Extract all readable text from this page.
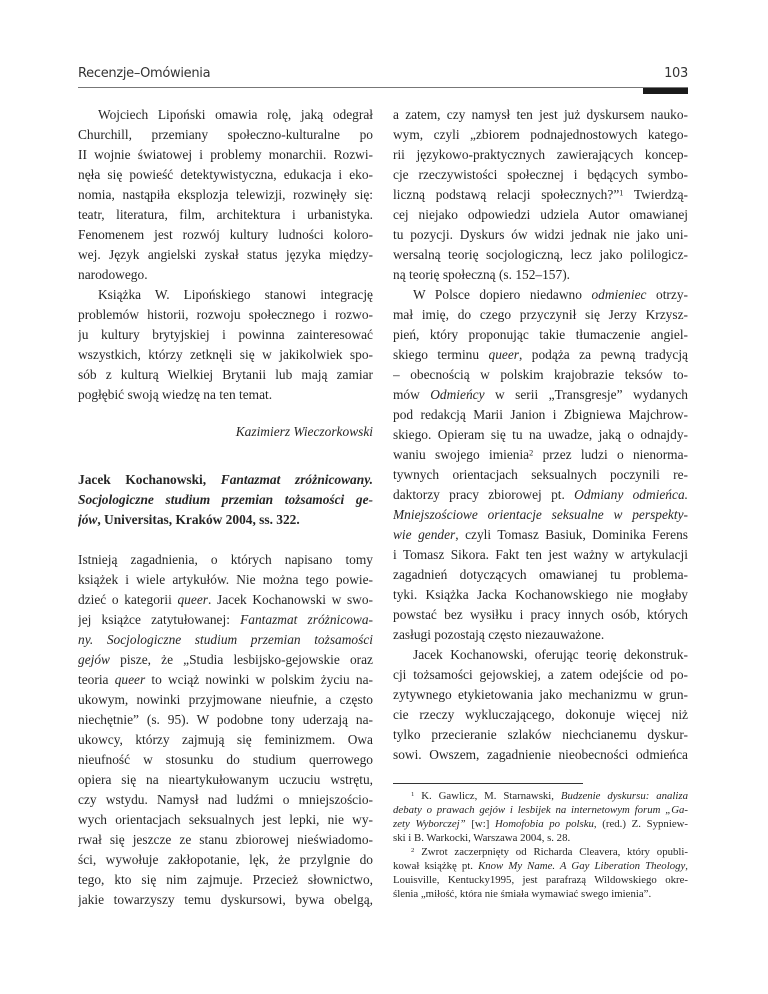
Recenzje–Omówienia	103
Wojciech Lipoński omawia rolę, jaką odegrał
Churchill, przemiany społeczno-kulturalne po
II wojnie światowej i problemy monarchii. Rozwi-
nęła się powieść detektywistyczna, edukacja i eko-
nomia, nastąpiła eksplozja telewizji, rozwinęły się:
teatr, literatura, film, architektura i urbanistyka.
Fenomenem jest rozwój kultury ludności koloro-
wej. Język angielski zyskał status języka między-
narodowego.
Książka W. Lipońskiego stanowi integrację
problemów historii, rozwoju społecznego i rozwo-
ju kultury brytyjskiej i powinna zainteresować
wszystkich, którzy zetknęli się w jakikolwiek spo-
sób z kulturą Wielkiej Brytanii lub mają zamiar
pogłębić swoją wiedzę na ten temat.
Kazimierz Wieczorkowski
Jacek Kochanowski, Fantazmat zróżnicowany.
Socjologiczne studium przemian tożsamości ge-
jów, Universitas, Kraków 2004, ss. 322.
Istnieją zagadnienia, o których napisano tomy
książek i wiele artykułów. Nie można tego powie-
dzieć o kategorii queer. Jacek Kochanowski w swo-
jej książce zatytułowanej: Fantazmat zróżnicowa-
ny. Socjologiczne studium przemian tożsamości
gejów pisze, że „Studia lesbijsko-gejowskie oraz
teoria queer to wciąż nowinki w polskim życiu na-
ukowym, nowinki przyjmowane nieufnie, a często
niechętnie” (s. 95). W podobne tony uderzają na-
ukowcy, którzy zajmują się feminizmem. Owa
nieufność w stosunku do studium querrowego
opiera się na nieartykułowanym uczuciu wstrętu,
czy wstydu. Namysł nad ludźmi o mniejszościo-
wych orientacjach seksualnych jest lepki, nie wy-
rwał się jeszcze ze stanu zbiorowej nieświadomo-
ści, wywołuje zakłopotanie, lęk, że przylgnie do
tego, kto się nim zajmuje. Przecież słownictwo,
jakie towarzyszy temu dyskursowi, bywa obelgą,
a zatem, czy namysł ten jest już dyskursem nauko-
wym, czyli „zbiorem podnajednostowych katego-
rii językowo-praktycznych zawierających koncep-
cje rzeczywistości społecznej i będących symbo-
liczną podstawą relacji społecznych?”$^1$ Twierdzą-
cej niejako odpowiedzi udziela Autor omawianej
tu pozycji. Dyskurs ów widzi jednak nie jako uni-
wersalną teorię socjologiczną, lecz jako polilogicz-
ną teorię społeczną (s. 152–157).
W Polsce dopiero niedawno odmieniec otrzy-
mał imię, do czego przyczynił się Jerzy Krzysz-
pień, który proponując takie tłumaczenie angiel-
skiego terminu queer, podąża za pewną tradycją
– obecnością w polskim krajobrazie teksów to-
mów Odmieńcy w serii „Transgresje” wydanych
pod redakcją Marii Janion i Zbigniewa Majchrow-
skiego. Opieram się tu na uwadze, jaką o odnajdy-
waniu swojego imienia$^2$ przez ludzi o nienorma-
tywnych orientacjach seksualnych poczynili re-
daktorzy pracy zbiorowej pt. Odmiany odmieńca.
Mniejszościowe orientacje seksualne w perspekty-
wie gender, czyli Tomasz Basiuk, Dominika Ferens
i Tomasz Sikora. Fakt ten jest ważny w artykulacji
zagadnień dotyczących omawianej tu problema-
tyki. Książka Jacka Kochanowskiego nie mogłaby
powstać bez wysiłku i pracy innych osób, których
zasługi pozostają często niezauważone.
Jacek Kochanowski, oferując teorię dekonstruk-
cji tożsamości gejowskiej, a zatem odejście od po-
zytywnego etykietowania jako mechanizmu w grun-
cie rzeczy wykluczającego, dokonuje więcej niż
tylko przecieranie szlaków niechcianemu dyskur-
sowi. Owszem, zagadnienie nieobecności odmieńca
$^1$ K. Gawlicz, M. Starnawski, Budzenie dyskursu: analiza
debaty o prawach gejów i lesbijek na internetowym forum „Ga-
zety Wyborczej” [w:] Homofobia po polsku, (red.) Z. Sypniew-
ski i B. Warkocki, Warszawa 2004, s. 28.
$^2$ Zwrot zaczerpnięty od Richarda Cleavera, który opubli-
kował książkę pt. Know My Name. A Gay Liberation Theology,
Louisville, Kentucky1995, jest parafrazą Wildowskiego okre-
ślenia „miłość, która nie śmiała wymawiać swego imienia”.
